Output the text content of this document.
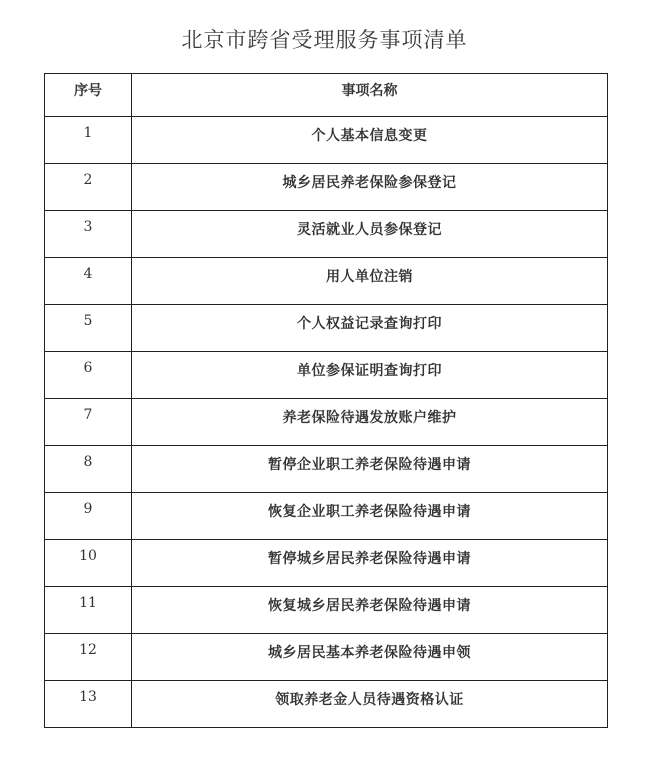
北京市跨省受理服务事项清单
序号	事项名称
1	个人基本信息变更
2	城乡居民养老保险参保登记
3	灵活就业人员参保登记
4	用人单位注销
5	个人权益记录查询打印
6	单位参保证明查询打印
7	养老保险待遇发放账户维护
8	暂停企业职工养老保险待遇申请
9	恢复企业职工养老保险待遇申请
10	暂停城乡居民养老保险待遇申请
11	恢复城乡居民养老保险待遇申请
12	城乡居民基本养老保险待遇申领
13	领取养老金人员待遇资格认证
